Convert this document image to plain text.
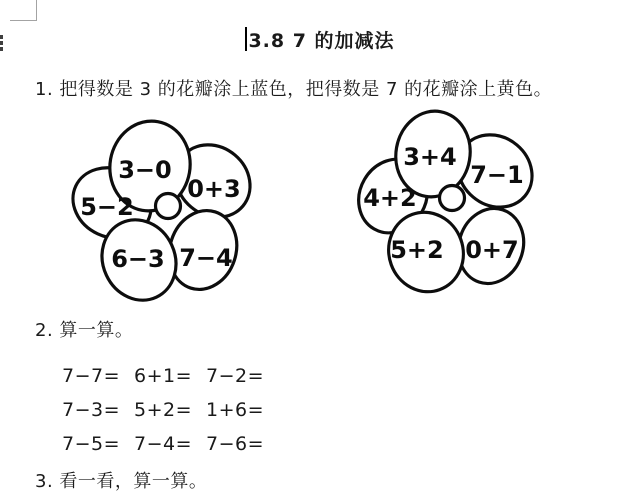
3.8 7 的加减法
1. 把得数是 3 的花瓣涂上蓝色，把得数是 7 的花瓣涂上黄色。
3−0
0+3
5−2
6−3 7−4
3+4
7−1
4+2
5+2 0+7
2. 算一算。
7−7= 6+1= 7−2=
7−3= 5+2= 1+6=
7−5= 7−4= 7−6=
3. 看一看，算一算。
